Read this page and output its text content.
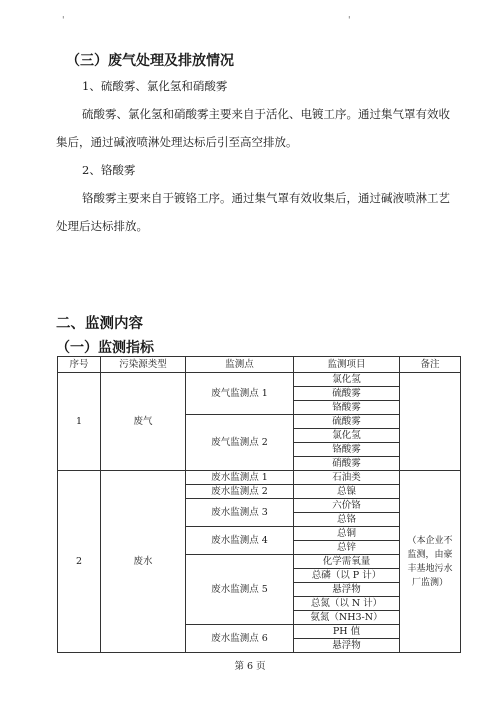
'	'
（三）废气处理及排放情况
1、硫酸雾、氯化氢和硝酸雾
硫酸雾、氯化氢和硝酸雾主要来自于活化、电镀工序。通过集气罩有效收
集后，通过碱液喷淋处理达标后引至高空排放。
2、铬酸雾
铬酸雾主要来自于镀铬工序。通过集气罩有效收集后，通过碱液喷淋工艺
处理后达标排放。
二、监测内容
（一）监测指标
序号	污染源类型	监测点	监测项目	备注
1	废气	废气监测点 1	氯化氢	
			硫酸雾	
			铬酸雾	
		废气监测点 2	硫酸雾	
			氯化氢	
			铬酸雾	
			硝酸雾	
2	废水	废水监测点 1	石油类	（本企业不监测，由豪丰基地污水厂监测）
		废水监测点 2	总镍	
		废水监测点 3	六价铬	
			总铬	
		废水监测点 4	总铜	
			总锌	
		废水监测点 5	化学需氧量	
			总磷（以 P 计）	
			悬浮物	
			总氮（以 N 计）	
			氨氮（NH3-N）	
		废水监测点 6	PH 值	
			悬浮物	
第 6 页
